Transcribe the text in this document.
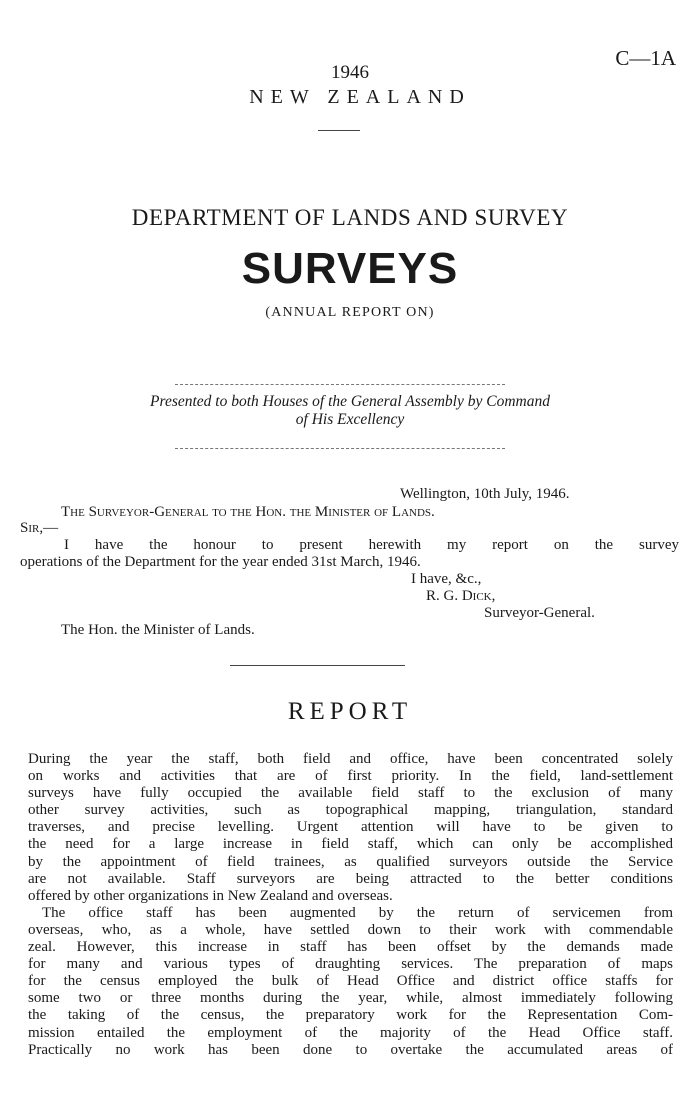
C—1A
1946
NEW ZEALAND
DEPARTMENT OF LANDS AND SURVEY
SURVEYS
(ANNUAL REPORT ON)
Presented to both Houses of the General Assembly by Command
of His Excellency
Wellington, 10th July, 1946.
The Surveyor-General to the Hon. the Minister of Lands.
Sir,—
I have the honour to present herewith my report on the survey
operations of the Department for the year ended 31st March, 1946.
I have, &c.,
R. G. Dick,
Surveyor-General.
The Hon. the Minister of Lands.
REPORT
During the year the staff, both field and office, have been concentrated solely
on works and activities that are of first priority. In the field, land-settlement
surveys have fully occupied the available field staff to the exclusion of many
other survey activities, such as topographical mapping, triangulation, standard
traverses, and precise levelling. Urgent attention will have to be given to
the need for a large increase in field staff, which can only be accomplished
by the appointment of field trainees, as qualified surveyors outside the Service
are not available. Staff surveyors are being attracted to the better conditions
offered by other organizations in New Zealand and overseas.
The office staff has been augmented by the return of servicemen from
overseas, who, as a whole, have settled down to their work with commendable
zeal. However, this increase in staff has been offset by the demands made
for many and various types of draughting services. The preparation of maps
for the census employed the bulk of Head Office and district office staffs for
some two or three months during the year, while, almost immediately following
the taking of the census, the preparatory work for the Representation Com-
mission entailed the employment of the majority of the Head Office staff.
Practically no work has been done to overtake the accumulated areas of
